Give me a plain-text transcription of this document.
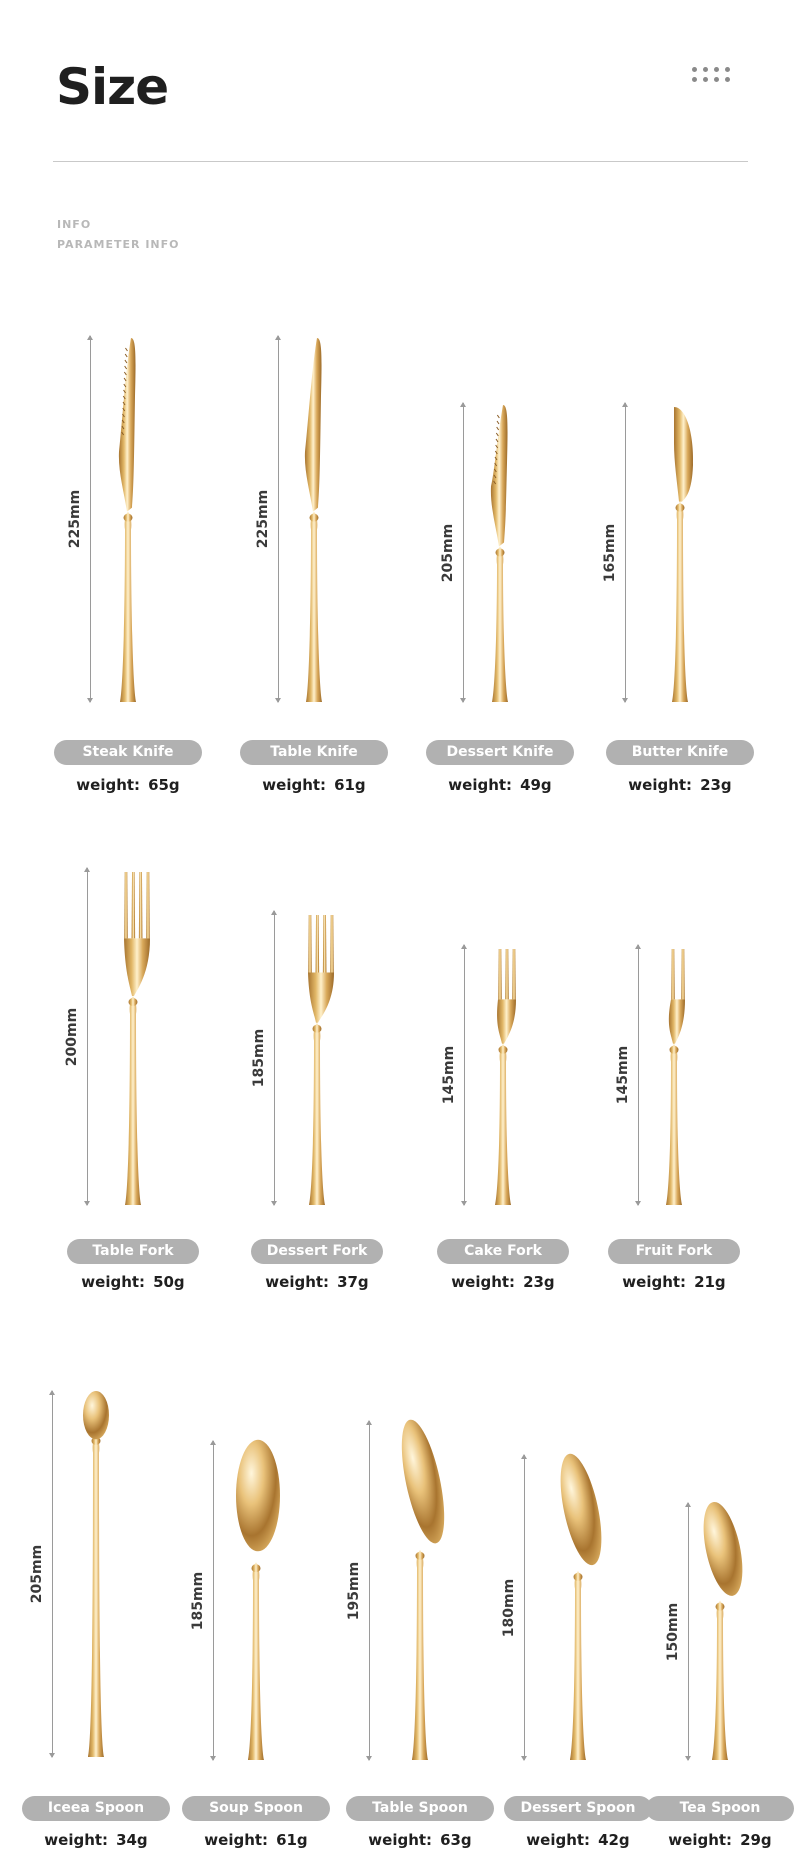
Size
INFO
PARAMETER INFO
225mm
Steak Knife
weight: 65g
225mm
Table Knife
weight: 61g
205mm
Dessert Knife
weight: 49g
165mm
Butter Knife
weight: 23g
200mm
Table Fork
weight: 50g
185mm
Dessert Fork
weight: 37g
145mm
Cake Fork
weight: 23g
145mm
Fruit Fork
weight: 21g
205mm
Iceea Spoon
weight: 34g
185mm
Soup Spoon
weight: 61g
195mm
Table Spoon
weight: 63g
180mm
Dessert Spoon
weight: 42g
150mm
Tea Spoon
weight: 29g
